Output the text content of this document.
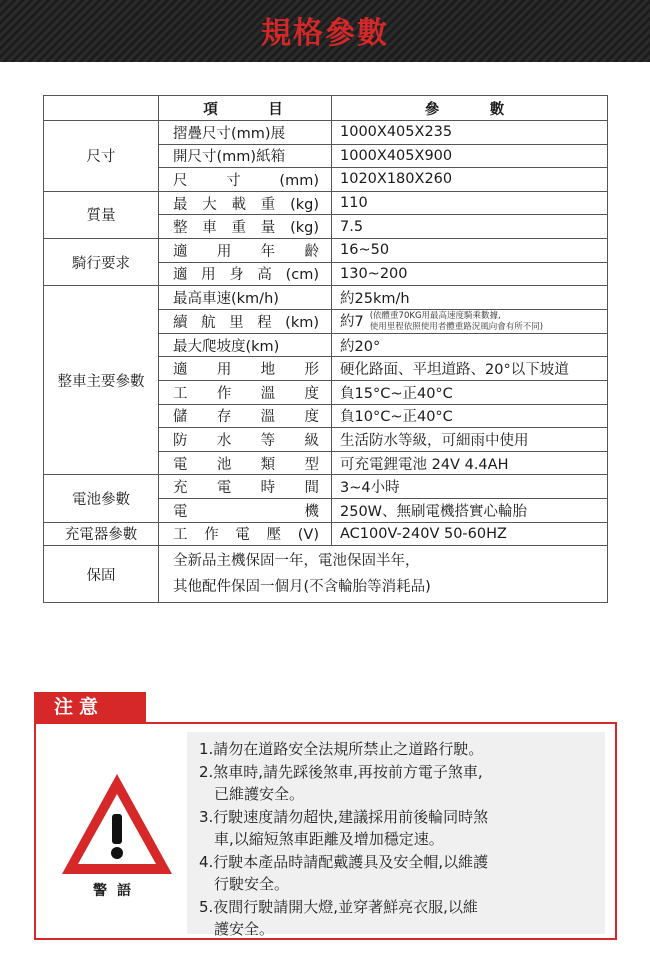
規格參數
	項　目	參　數
尺寸	摺疊尺寸(mm)展	1000X405X235
	開尺寸(mm)紙箱	1000X405X900
	尺寸(mm)	1020X180X260
質量	最大載重(kg)	110
	整車重量(kg)	7.5
騎行要求	適用年齡	16~50
	適用身高(cm)	130~200
整車主要參數	最高車速(km/h)	約25km/h
	續航里程(km)	約7 (依體重70KG用最高速度騎乘數據,
使用里程依照使用者體重路況風向會有所不同)
	最大爬坡度(km)	約20°
	適用地形	硬化路面、平坦道路、20°以下坡道
	工作溫度	負15°C~正40°C
	儲存溫度	負10°C~正40°C
	防水等級	生活防水等級，可細雨中使用
	電池類型	可充電鋰電池 24V 4.4AH
電池參數	充電時間	3~4小時
	電機	250W、無刷電機搭實心輪胎
充電器參數	工作電壓(V)	AC100V-240V 50-60HZ
保固	全新品主機保固一年，電池保固半年，
其他配件保固一個月(不含輪胎等消耗品)	
注意
警語
1.請勿在道路安全法規所禁止之道路行駛。
2.煞車時,請先踩後煞車,再按前方電子煞車,
　已維護安全。
3.行駛速度請勿超快,建議採用前後輪同時煞
　車,以縮短煞車距離及增加穩定速。
4.行駛本產品時請配戴護具及安全帽,以維護
　行駛安全。
5.夜間行駛請開大燈,並穿著鮮亮衣服,以維
　護安全。
